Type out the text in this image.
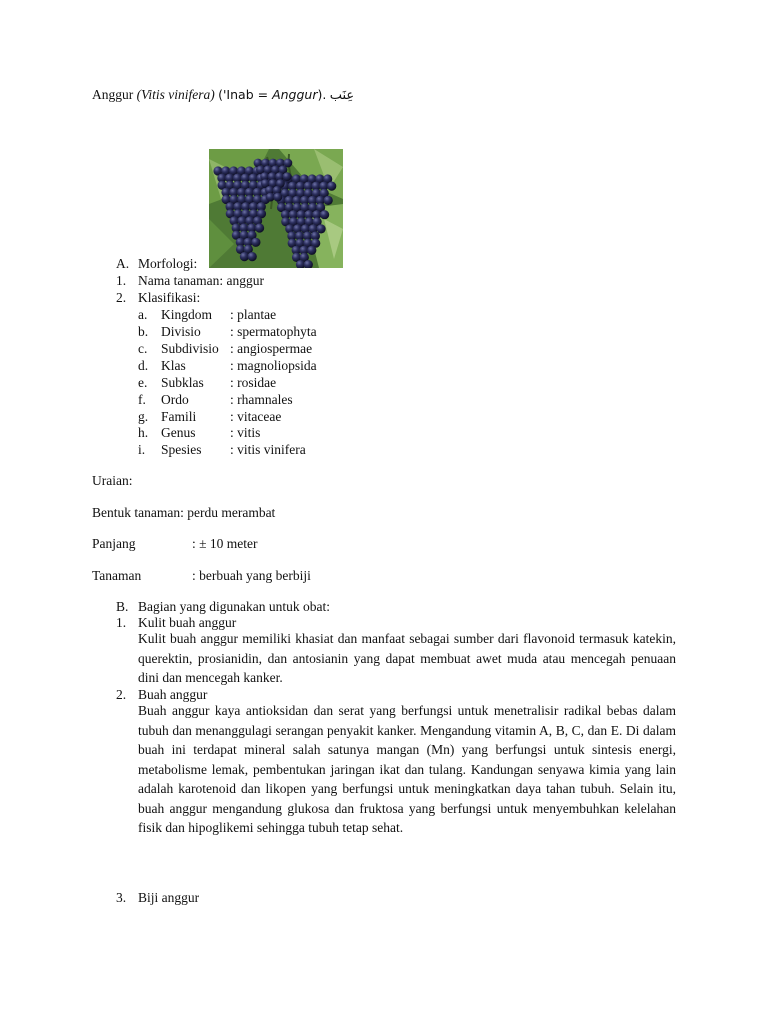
Anggur (Vitis vinifera) ('Inab = Anggur). عِنَب
A. Morfologi:
1. Nama tanaman: anggur
2. Klasifikasi:
a. Kingdom : plantae
b. Divisio : spermatophyta
c. Subdivisio : angiospermae
d. Klas	: magnoliopsida
e. Subklas : rosidae
f. Ordo	: rhamnales
g. Famili : vitaceae
h. Genus	: vitis
i. Spesies : vitis vinifera
Uraian:
Bentuk tanaman: perdu merambat
Panjang	: ± 10 meter
Tanaman	: berbuah yang berbiji
B. Bagian yang digunakan untuk obat:
1. Kulit buah anggur
Kulit buah anggur memiliki khasiat dan manfaat sebagai sumber dari flavonoid termasuk katekin, querektin, prosianidin, dan antosianin yang dapat membuat awet muda atau mencegah penuaan dini dan mencegah kanker.
2. Buah anggur
Buah anggur kaya antioksidan dan serat yang berfungsi untuk menetralisir radikal bebas dalam tubuh dan menanggulagi serangan penyakit kanker. Mengandung vitamin A, B, C, dan E. Di dalam buah ini terdapat mineral salah satunya mangan (Mn) yang berfungsi untuk sintesis energi, metabolisme lemak, pembentukan jaringan ikat dan tulang. Kandungan senyawa kimia yang lain adalah karotenoid dan likopen yang berfungsi untuk meningkatkan daya tahan tubuh. Selain itu, buah anggur mengandung glukosa dan fruktosa yang berfungsi untuk menyembuhkan kelelahan fisik dan hipoglikemi sehingga tubuh tetap sehat.
3. Biji anggur
